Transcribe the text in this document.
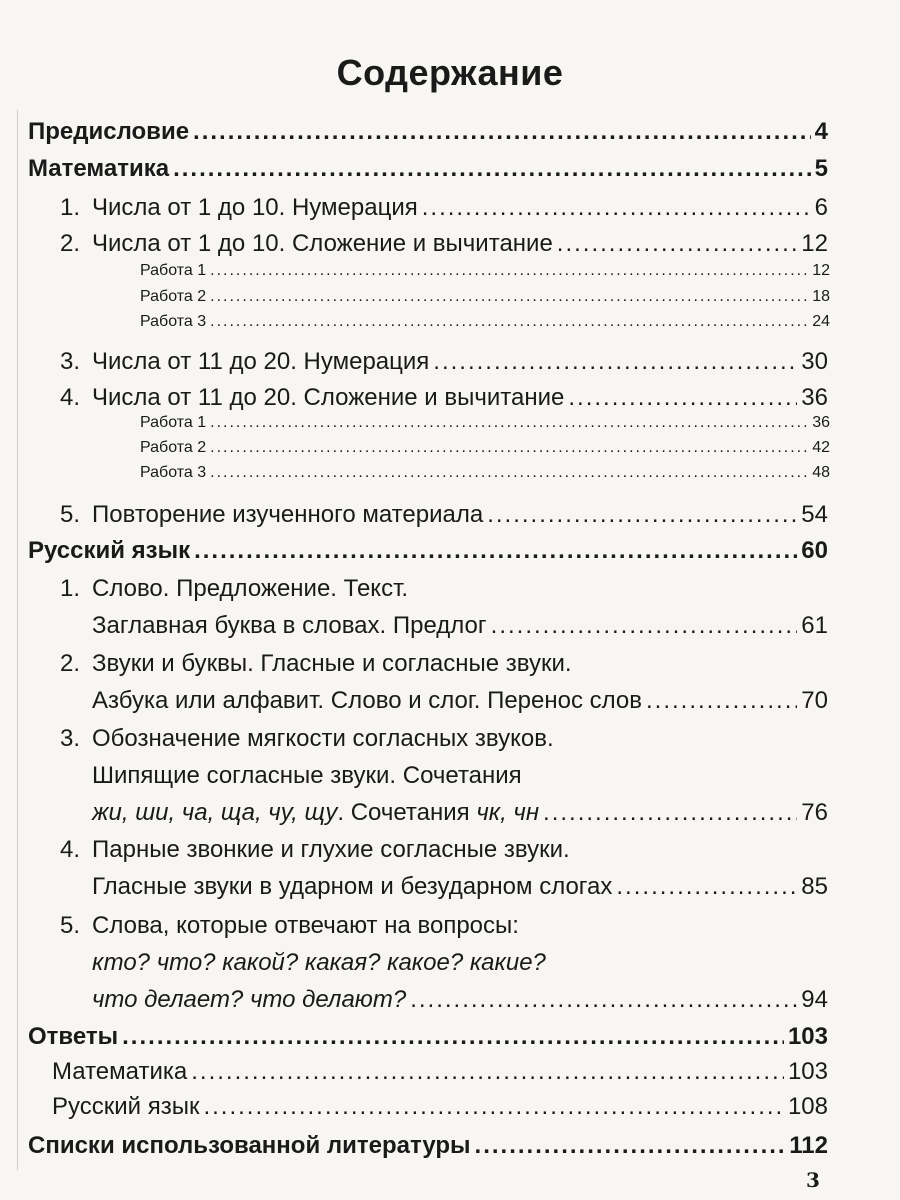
Содержание
Предисловие .....	4
Математика .....	5
1. Числа от 1 до 10. Нумерация .....	6
2. Числа от 1 до 10. Сложение и вычитание .....	12
Работа 1 .....	12
Работа 2 .....	18
Работа 3 .....	24
3. Числа от 11 до 20. Нумерация .....	30
4. Числа от 11 до 20. Сложение и вычитание .....	36
Работа 1 .....	36
Работа 2 .....	42
Работа 3 .....	48
5. Повторение изученного материала .....	54
Русский язык .....	60
1. Слово. Предложение. Текст.
Заглавная буква в словах. Предлог .....	61
2. Звуки и буквы. Гласные и согласные звуки.
Азбука или алфавит. Слово и слог. Перенос слов .....	70
3. Обозначение мягкости согласных звуков.
Шипящие согласные звуки. Сочетания
жи, ши, ча, ща, чу, щу . Сочетания чк, чн .....	76
4. Парные звонкие и глухие согласные звуки.
Гласные звуки в ударном и безударном слогах .....	85
5. Слова, которые отвечают на вопросы:
кто? что? какой? какая? какое? какие?
что делает? что делают? .....	94
Ответы .....	103
Математика .....	103
Русский язык .....	108
Списки использованной литературы .....	112
3
